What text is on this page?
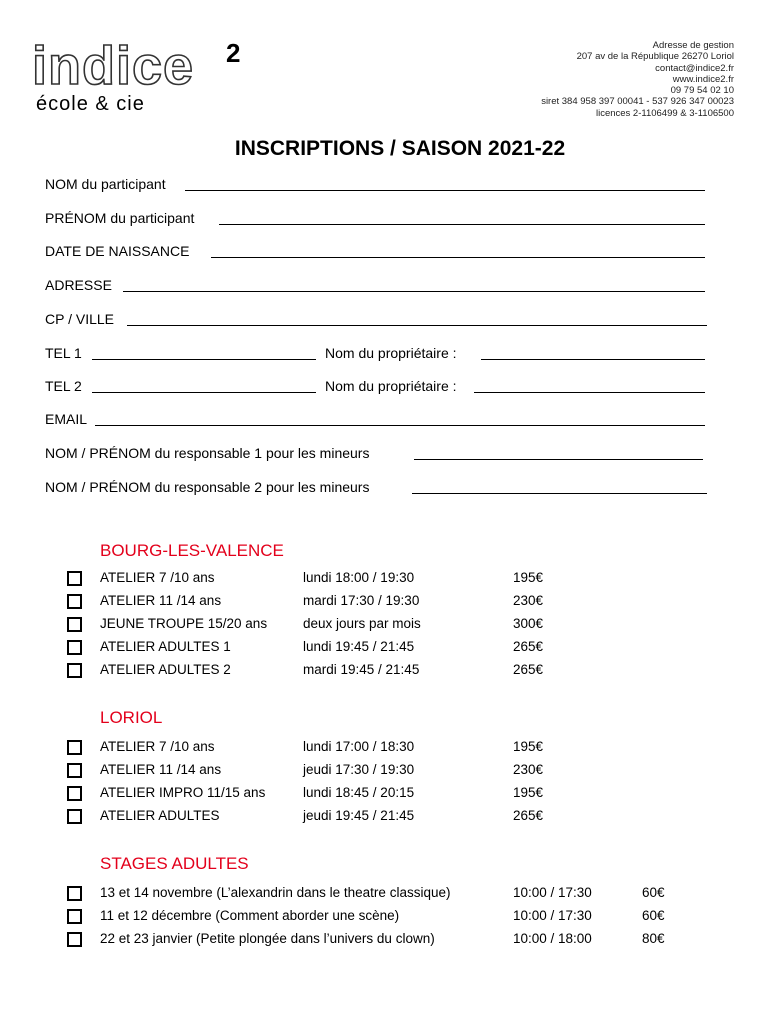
indice 2
école & cie
Adresse de gestion
207 av de la République 26270 Loriol
contact@indice2.fr
www.indice2.fr
09 79 54 02 10
siret 384 958 397 00041 - 537 926 347 00023
licences 2-1106499 & 3-1106500
INSCRIPTIONS / SAISON 2021-22
NOM du participant
PRÉNOM du participant
DATE DE NAISSANCE
ADRESSE
CP / VILLE
TEL 1	Nom du propriétaire :
TEL 2	Nom du propriétaire :
EMAIL
NOM / PRÉNOM du responsable 1 pour les mineurs
NOM / PRÉNOM du responsable 2 pour les mineurs
BOURG-LES-VALENCE
ATELIER 7 /10 ans	lundi 18:00 / 19:30	195€
ATELIER 11 /14 ans	mardi 17:30 / 19:30	230€
JEUNE TROUPE 15/20 ans	deux jours par mois	300€
ATELIER ADULTES 1	lundi 19:45 / 21:45	265€
ATELIER ADULTES 2	mardi 19:45 / 21:45	265€
LORIOL
ATELIER 7 /10 ans	lundi 17:00 / 18:30	195€
ATELIER 11 /14 ans	jeudi 17:30 / 19:30	230€
ATELIER IMPRO 11/15 ans	lundi 18:45 / 20:15	195€
ATELIER ADULTES	jeudi 19:45 / 21:45	265€
STAGES ADULTES
13 et 14 novembre (L’alexandrin dans le theatre classique)	10:00 / 17:30	60€
11 et 12 décembre (Comment aborder une scène)	10:00 / 17:30	60€
22 et 23 janvier (Petite plongée dans l’univers du clown)	10:00 / 18:00	80€
